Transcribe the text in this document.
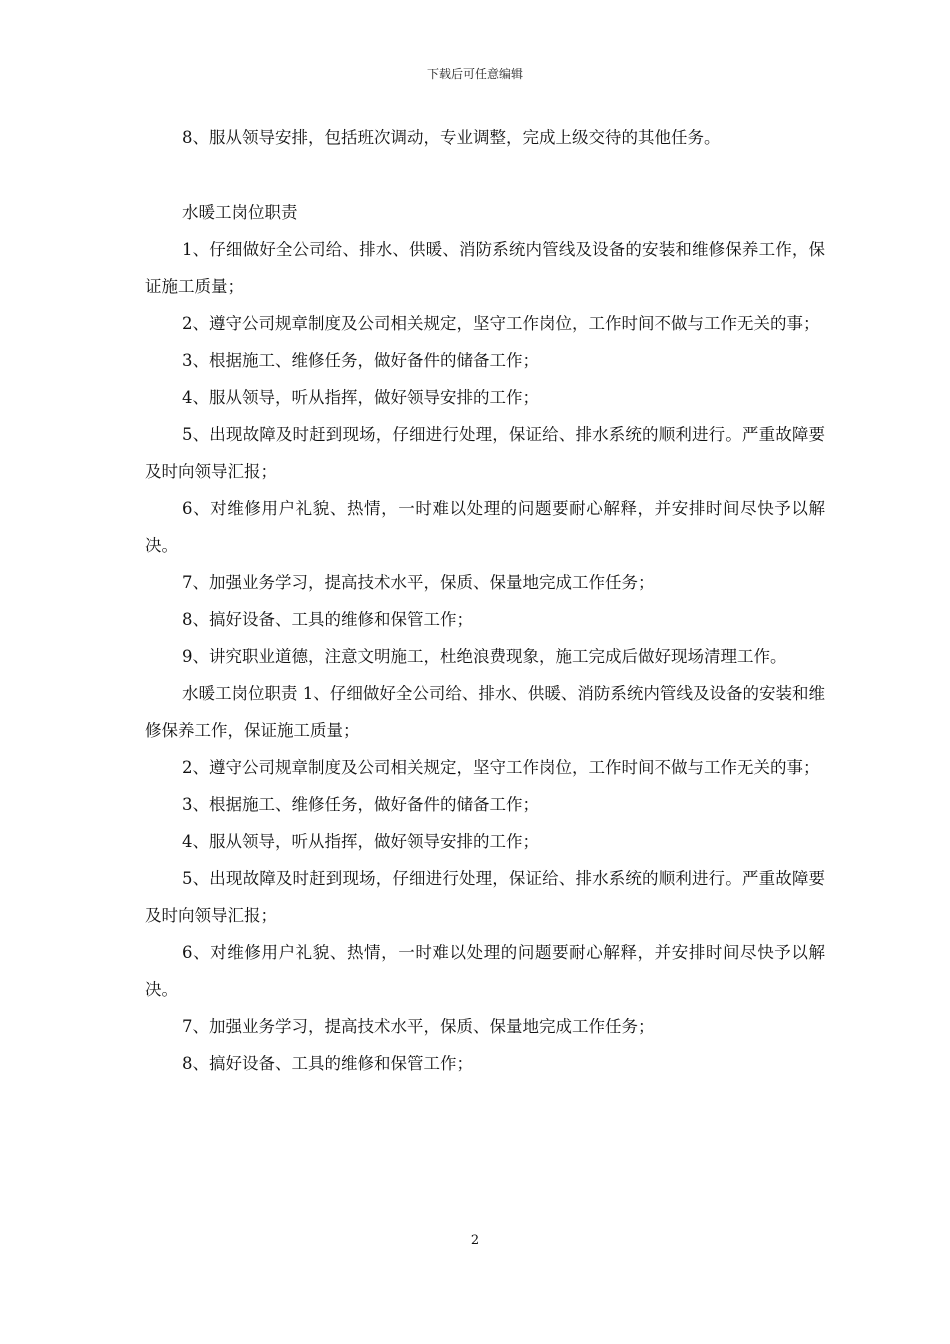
下载后可任意编辑

8、服从领导安排，包括班次调动，专业调整，完成上级交待的其他任务。

水暖工岗位职责

1、仔细做好全公司给、排水、供暖、消防系统内管线及设备的安装和维修保养工作，保证施工质量；

2、遵守公司规章制度及公司相关规定，坚守工作岗位，工作时间不做与工作无关的事；

3、根据施工、维修任务，做好备件的储备工作；

4、服从领导，听从指挥，做好领导安排的工作；

5、出现故障及时赶到现场，仔细进行处理，保证给、排水系统的顺利进行。严重故障要及时向领导汇报；

6、对维修用户礼貌、热情，一时难以处理的问题要耐心解释，并安排时间尽快予以解决。

7、加强业务学习，提高技术水平，保质、保量地完成工作任务；

8、搞好设备、工具的维修和保管工作；

9、讲究职业道德，注意文明施工，杜绝浪费现象，施工完成后做好现场清理工作。

水暖工岗位职责 1、仔细做好全公司给、排水、供暖、消防系统内管线及设备的安装和维修保养工作，保证施工质量；

2、遵守公司规章制度及公司相关规定，坚守工作岗位，工作时间不做与工作无关的事；

3、根据施工、维修任务，做好备件的储备工作；

4、服从领导，听从指挥，做好领导安排的工作；

5、出现故障及时赶到现场，仔细进行处理，保证给、排水系统的顺利进行。严重故障要及时向领导汇报；

6、对维修用户礼貌、热情，一时难以处理的问题要耐心解释，并安排时间尽快予以解决。

7、加强业务学习，提高技术水平，保质、保量地完成工作任务；

8、搞好设备、工具的维修和保管工作；

2
